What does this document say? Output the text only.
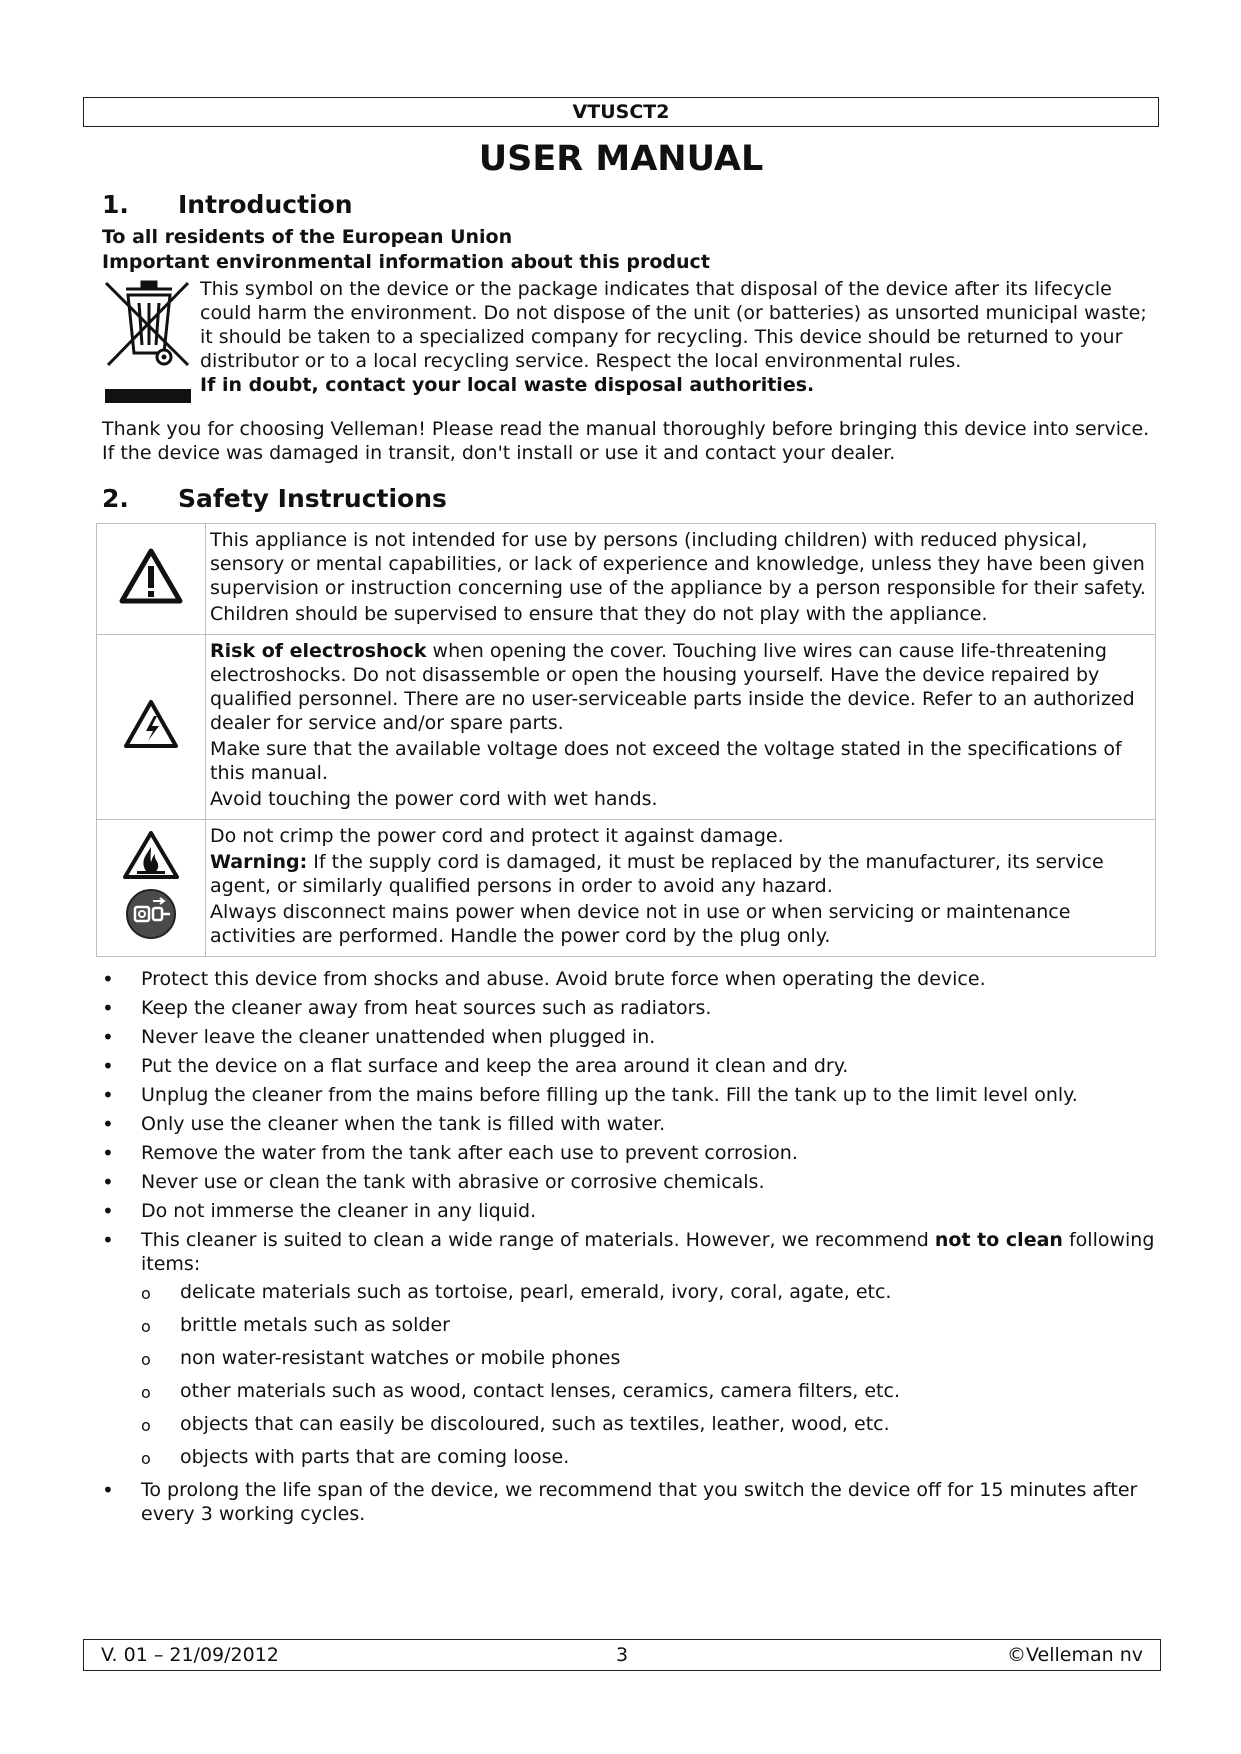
VTUSCT2
USER MANUAL
1.	Introduction
To all residents of the European Union
Important environmental information about this product

This symbol on the device or the package indicates that disposal of the device after its lifecycle could harm the environment. Do not dispose of the unit (or batteries) as unsorted municipal waste; it should be taken to a specialized company for recycling. This device should be returned to your distributor or to a local recycling service. Respect the local environmental rules.

If in doubt, contact your local waste disposal authorities.

Thank you for choosing Velleman! Please read the manual thoroughly before bringing this device into service. If the device was damaged in transit, don't install or use it and contact your dealer.

2.	Safety Instructions

This appliance is not intended for use by persons (including children) with reduced physical, sensory or mental capabilities, or lack of experience and knowledge, unless they have been given supervision or instruction concerning use of the appliance by a person responsible for their safety.

Children should be supervised to ensure that they do not play with the appliance.

Risk of electroshock when opening the cover. Touching live wires can cause life-threatening electroshocks. Do not disassemble or open the housing yourself. Have the device repaired by qualified personnel. There are no user-serviceable parts inside the device. Refer to an authorized dealer for service and/or spare parts.

Make sure that the available voltage does not exceed the voltage stated in the specifications of this manual.

Avoid touching the power cord with wet hands.

Do not crimp the power cord and protect it against damage.

Warning: If the supply cord is damaged, it must be replaced by the manufacturer, its service agent, or similarly qualified persons in order to avoid any hazard.

Always disconnect mains power when device not in use or when servicing or maintenance activities are performed. Handle the power cord by the plug only.

• Protect this device from shocks and abuse. Avoid brute force when operating the device.
• Keep the cleaner away from heat sources such as radiators.
• Never leave the cleaner unattended when plugged in.
• Put the device on a flat surface and keep the area around it clean and dry.
• Unplug the cleaner from the mains before filling up the tank. Fill the tank up to the limit level only.
• Only use the cleaner when the tank is filled with water.
• Remove the water from the tank after each use to prevent corrosion.
• Never use or clean the tank with abrasive or corrosive chemicals.
• Do not immerse the cleaner in any liquid.
• This cleaner is suited to clean a wide range of materials. However, we recommend not to clean following items:
o delicate materials such as tortoise, pearl, emerald, ivory, coral, agate, etc.
o brittle metals such as solder
o non water-resistant watches or mobile phones
o other materials such as wood, contact lenses, ceramics, camera filters, etc.
o objects that can easily be discoloured, such as textiles, leather, wood, etc.
o objects with parts that are coming loose.
• To prolong the life span of the device, we recommend that you switch the device off for 15 minutes after every 3 working cycles.
V. 01 – 21/09/2012	3	©Velleman nv
